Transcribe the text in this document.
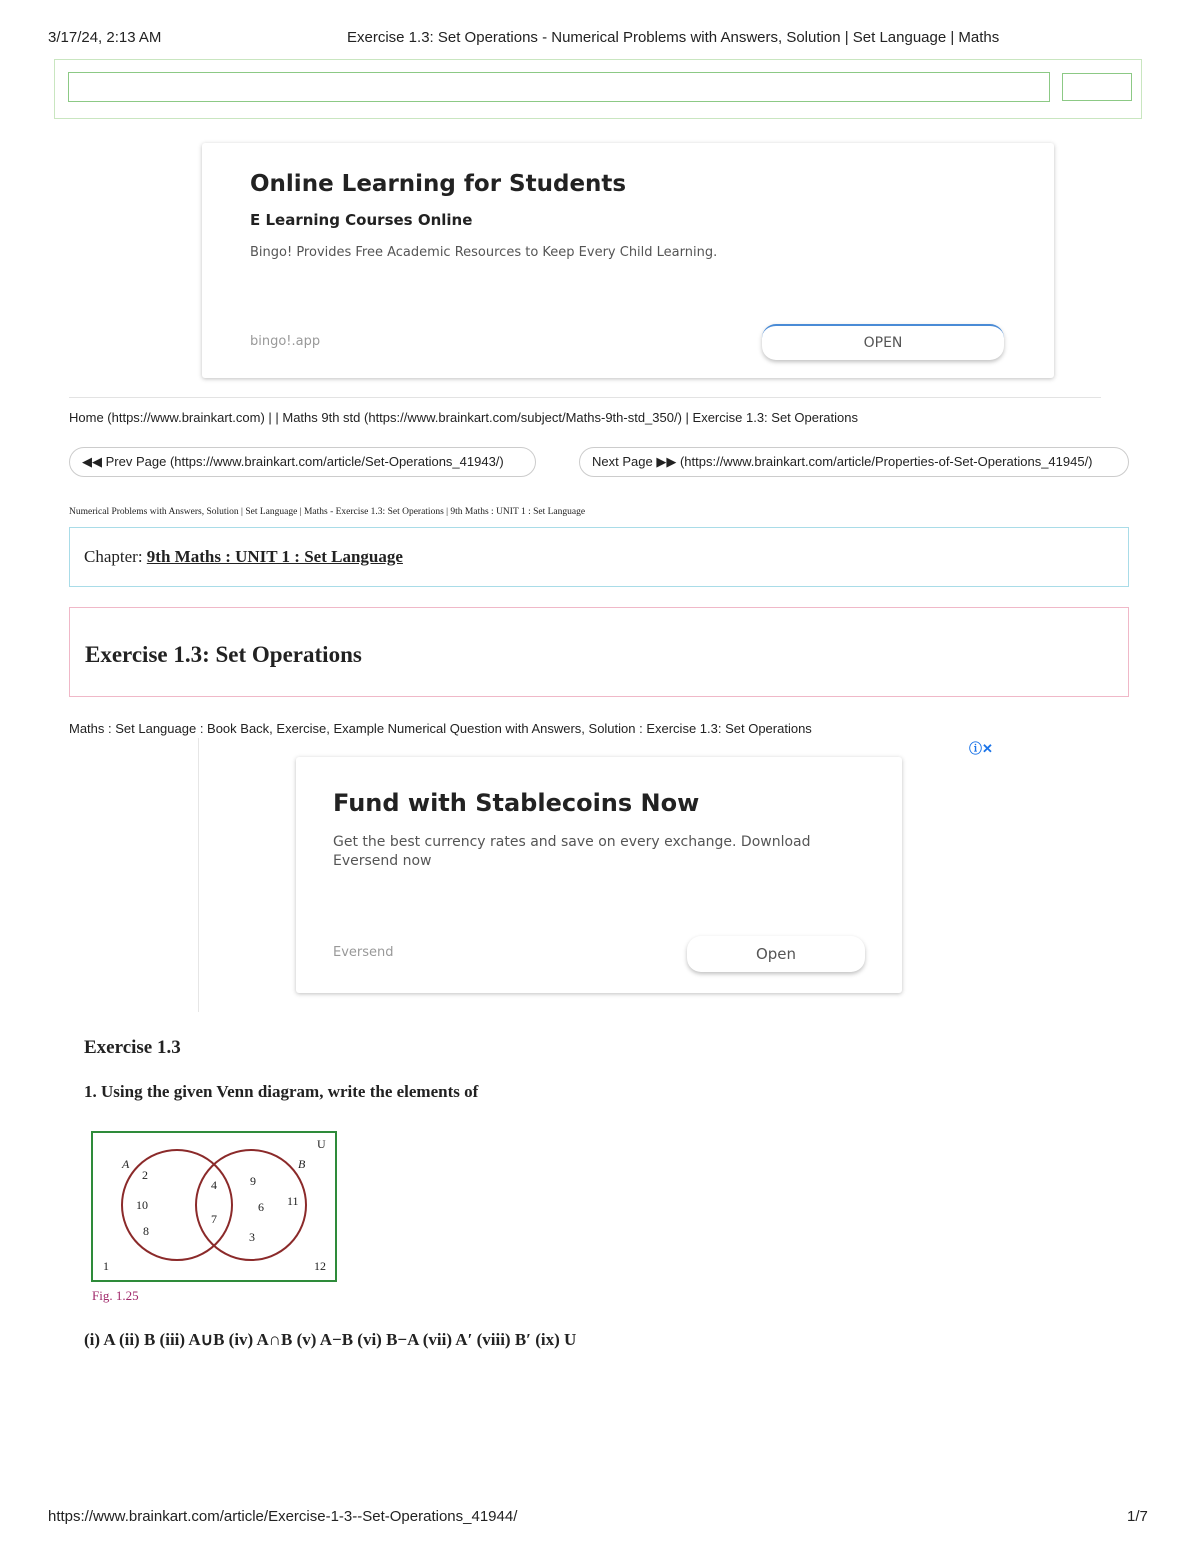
3/17/24, 2:13 AM	Exercise 1.3: Set Operations - Numerical Problems with Answers, Solution | Set Language | Maths
Online Learning for Students
E Learning Courses Online
Bingo! Provides Free Academic Resources to Keep Every Child Learning.
bingo!.app	OPEN
Home (https://www.brainkart.com) | | Maths 9th std (https://www.brainkart.com/subject/Maths-9th-std_350/) | Exercise 1.3: Set Operations
◀◀ Prev Page (https://www.brainkart.com/article/Set-Operations_41943/)	Next Page ▶▶ (https://www.brainkart.com/article/Properties-of-Set-Operations_41945/)
Numerical Problems with Answers, Solution | Set Language | Maths - Exercise 1.3: Set Operations | 9th Maths : UNIT 1 : Set Language
Chapter: 9th Maths : UNIT 1 : Set Language
Exercise 1.3: Set Operations
Maths : Set Language : Book Back, Exercise, Example Numerical Question with Answers, Solution : Exercise 1.3: Set Operations
ⓘ✕
Fund with Stablecoins Now
Get the best currency rates and save on every exchange. Download Eversend now
Eversend	Open
Exercise 1.3
1. Using the given Venn diagram, write the elements of
U
A	B
2
10
8
4
7
9
6 11
3
1	12
Fig. 1.25
(i) A (ii) B (iii) A∪B (iv) A∩B (v) A−B (vi) B−A (vii) A′ (viii) B′ (ix) U
https://www.brainkart.com/article/Exercise-1-3--Set-Operations_41944/	1/7
